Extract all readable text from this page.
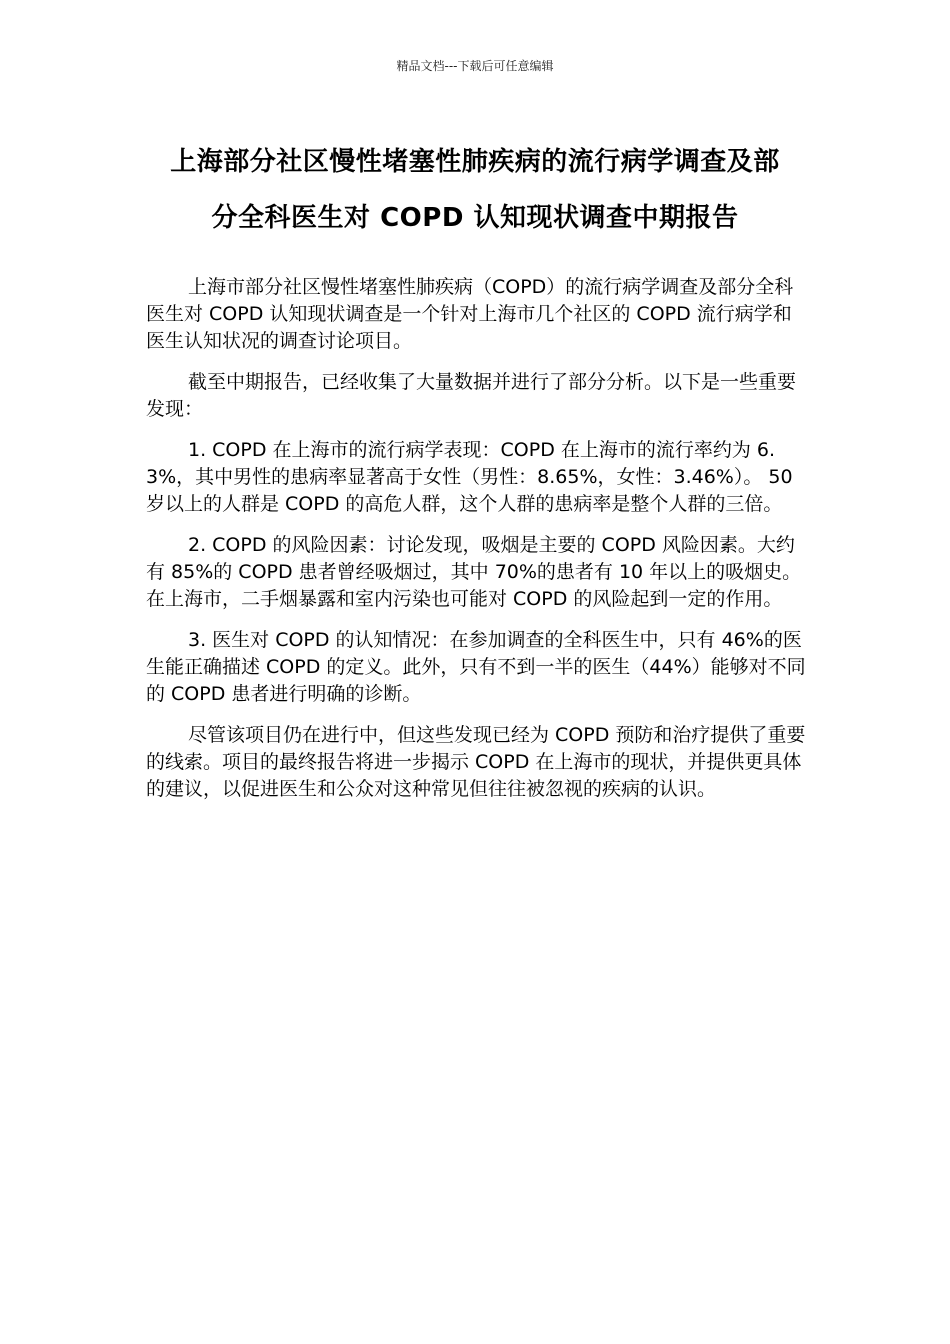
精品文档---下载后可任意编辑
上海部分社区慢性堵塞性肺疾病的流行病学调查及部
分全科医生对 COPD 认知现状调查中期报告

上海市部分社区慢性堵塞性肺疾病（COPD）的流行病学调查及部分全科医生对 COPD 认知现状调查是一个针对上海市几个社区的 COPD 流行病学和医生认知状况的调查讨论项目。

截至中期报告，已经收集了大量数据并进行了部分分析。以下是一些重要发现：

1. COPD 在上海市的流行病学表现：COPD 在上海市的流行率约为 6.3%，其中男性的患病率显著高于女性（男性：8.65%，女性：3.46%）。 50 岁以上的人群是 COPD 的高危人群，这个人群的患病率是整个人群的三倍。

2. COPD 的风险因素：讨论发现，吸烟是主要的 COPD 风险因素。大约有 85%的 COPD 患者曾经吸烟过，其中 70%的患者有 10 年以上的吸烟史。在上海市，二手烟暴露和室内污染也可能对 COPD 的风险起到一定的作用。

3. 医生对 COPD 的认知情况：在参加调查的全科医生中，只有 46%的医生能正确描述 COPD 的定义。此外，只有不到一半的医生（44%）能够对不同的 COPD 患者进行明确的诊断。

尽管该项目仍在进行中，但这些发现已经为 COPD 预防和治疗提供了重要的线索。项目的最终报告将进一步揭示 COPD 在上海市的现状，并提供更具体的建议，以促进医生和公众对这种常见但往往被忽视的疾病的认识。
